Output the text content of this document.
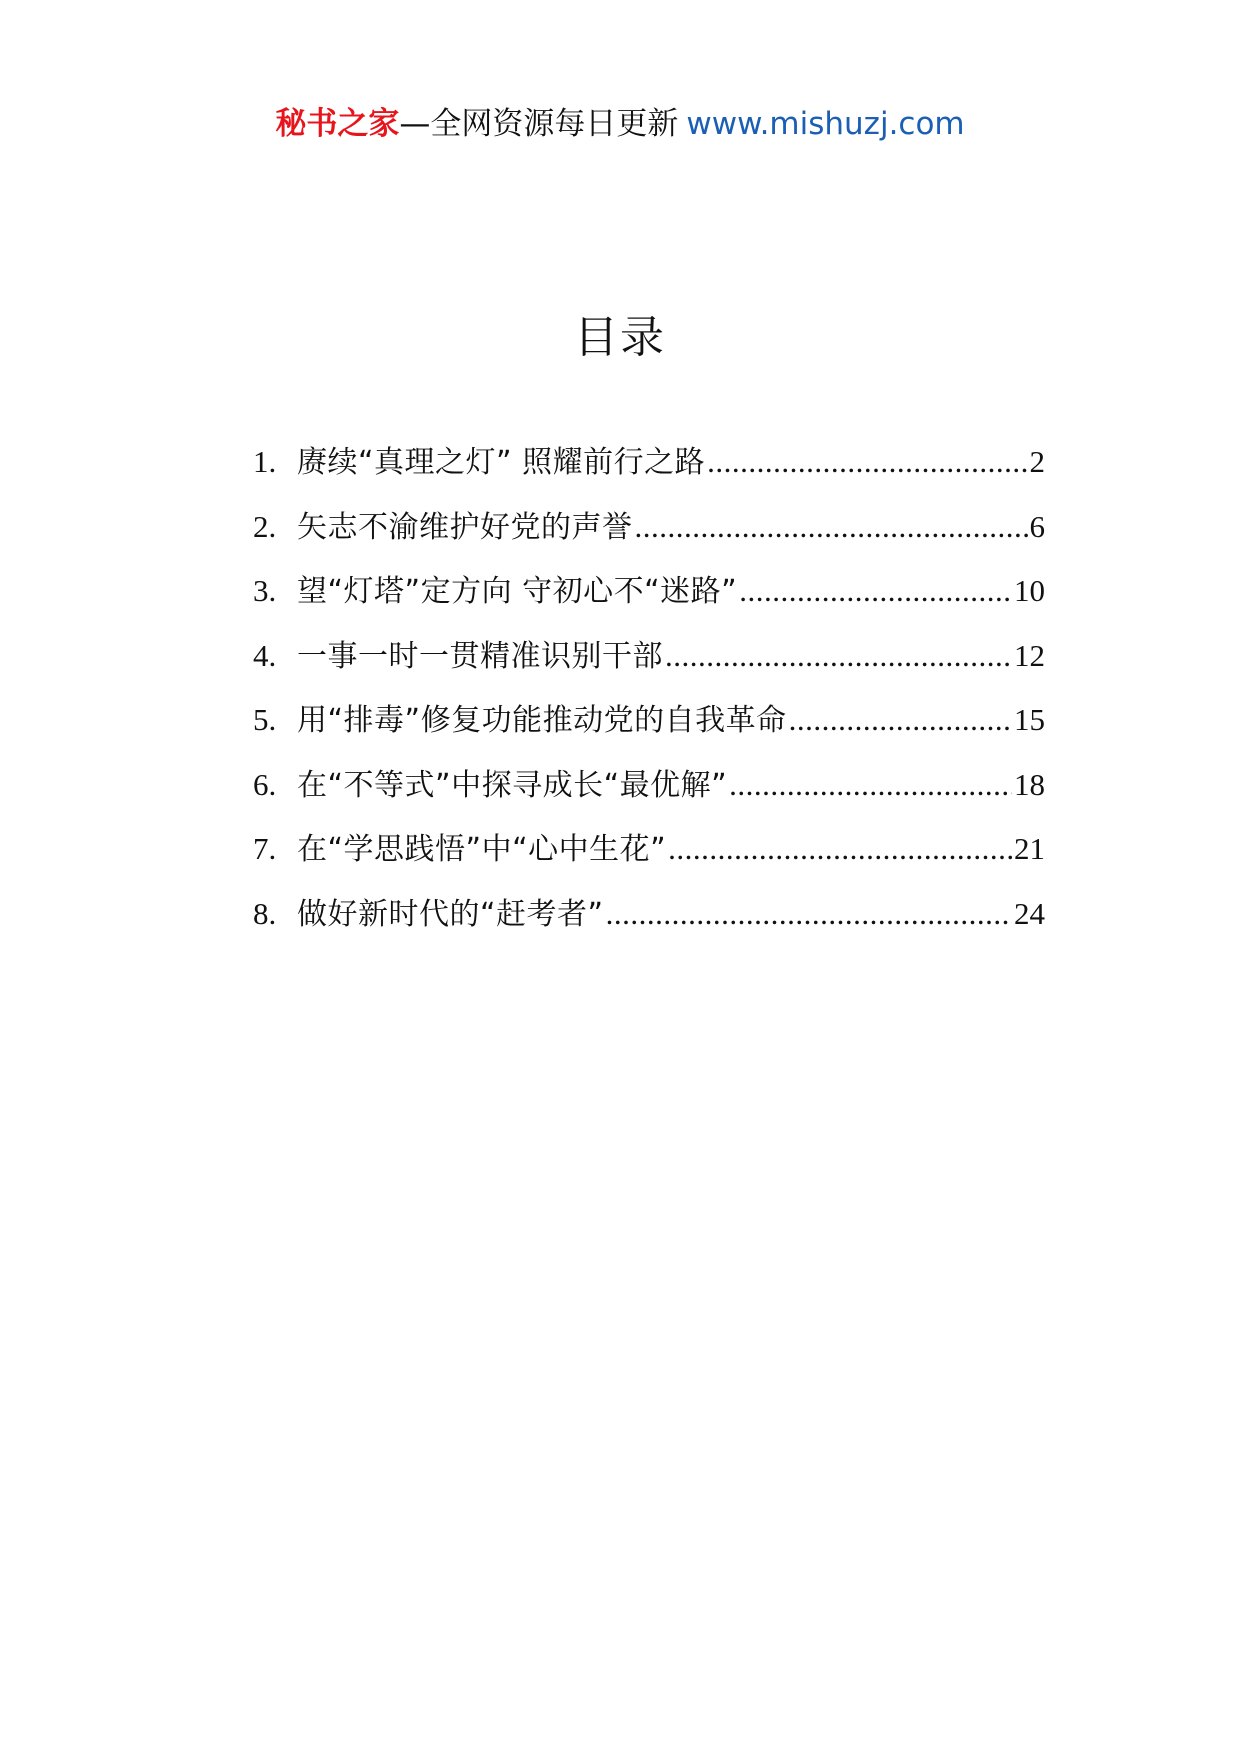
秘书之家—全网资源每日更新 www.mishuzj.com
目录
1. 赓续“真理之灯” 照耀前行之路 .....	2
2. 矢志不渝维护好党的声誉 .....	6
3. 望“灯塔”定方向 守初心不“迷路” .....	10
4. 一事一时一贯精准识别干部 .....	12
5. 用“排毒”修复功能推动党的自我革命 .....	15
6. 在“不等式”中探寻成长“最优解” .....	18
7. 在“学思践悟”中“心中生花” .....	21
8. 做好新时代的“赶考者” .....	24
